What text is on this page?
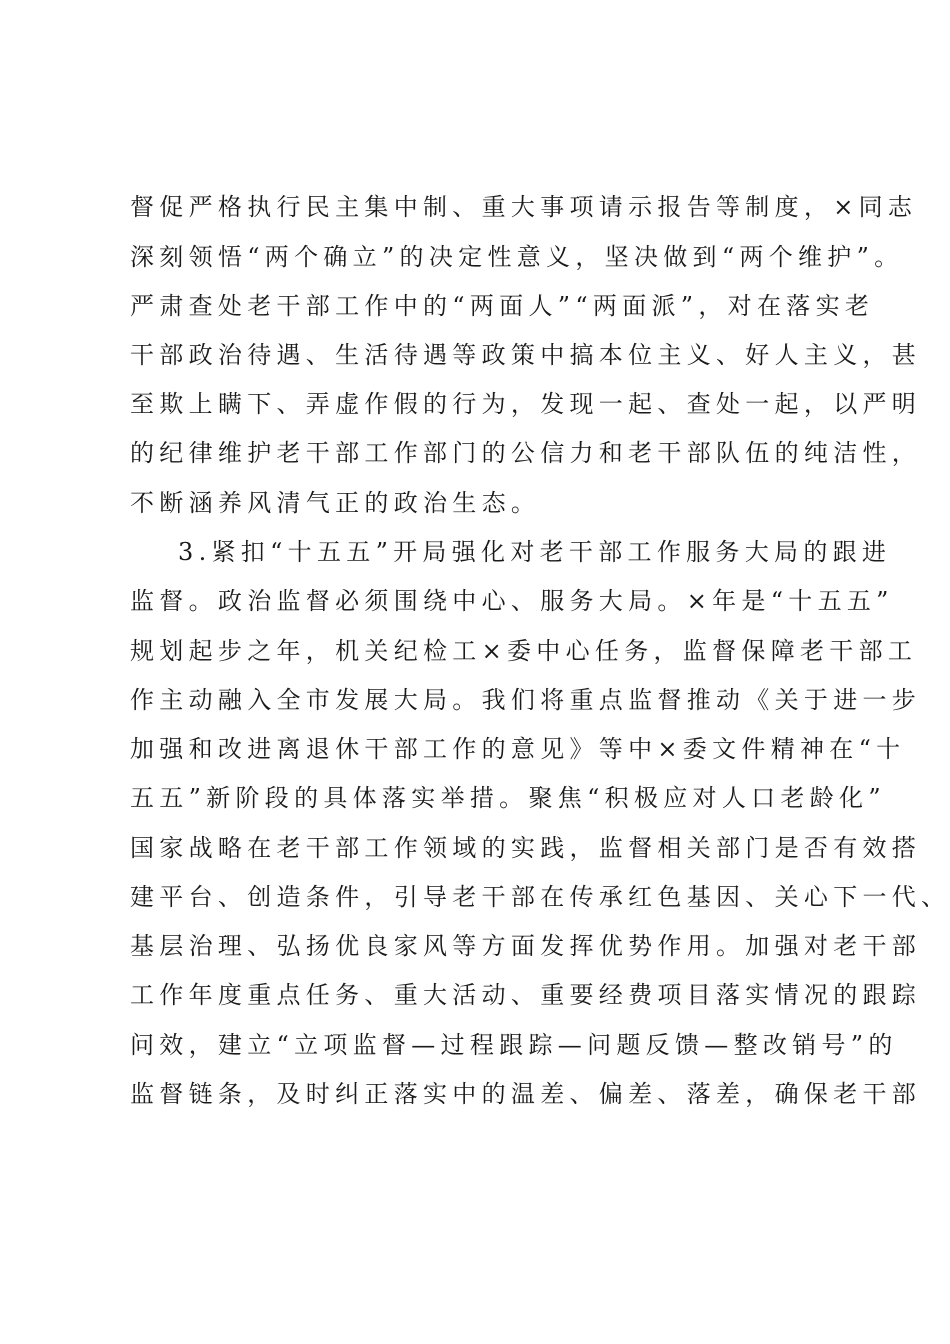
督促严格执行民主集中制、重大事项请示报告等制度，×同志
深刻领悟“两个确立”的决定性意义，坚决做到“两个维护”。
严肃查处老干部工作中的“两面人”“两面派”，对在落实老
干部政治待遇、生活待遇等政策中搞本位主义、好人主义，甚
至欺上瞒下、弄虚作假的行为，发现一起、查处一起，以严明
的纪律维护老干部工作部门的公信力和老干部队伍的纯洁性，
不断涵养风清气正的政治生态。
3.紧扣“十五五”开局强化对老干部工作服务大局的跟进
监督。政治监督必须围绕中心、服务大局。×年是“十五五”
规划起步之年，机关纪检工×委中心任务，监督保障老干部工
作主动融入全市发展大局。我们将重点监督推动《关于进一步
加强和改进离退休干部工作的意见》等中×委文件精神在“十
五五”新阶段的具体落实举措。聚焦“积极应对人口老龄化”
国家战略在老干部工作领域的实践，监督相关部门是否有效搭
建平台、创造条件，引导老干部在传承红色基因、关心下一代、
基层治理、弘扬优良家风等方面发挥优势作用。加强对老干部
工作年度重点任务、重大活动、重要经费项目落实情况的跟踪
问效，建立“立项监督—过程跟踪—问题反馈—整改销号”的
监督链条，及时纠正落实中的温差、偏差、落差，确保老干部
